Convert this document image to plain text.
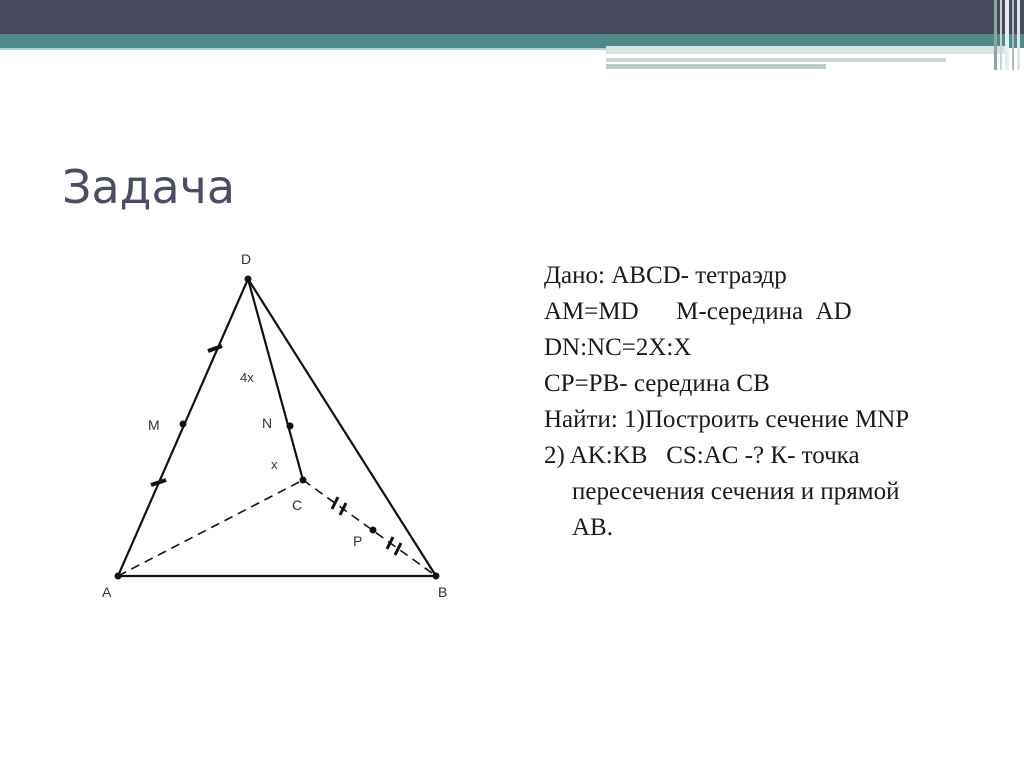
Задача
D
M	N
C
P
A	B
4x
x

Дано: ABCD- тетраэдр

AM=MD      M-середина  AD

DN:NC=2X:X

CP=PB- середина CB

Найти: 1)Построить сечение MNP

2) AK:KB   CS:AC -? К- точка пересечения сечения и прямой AB.
